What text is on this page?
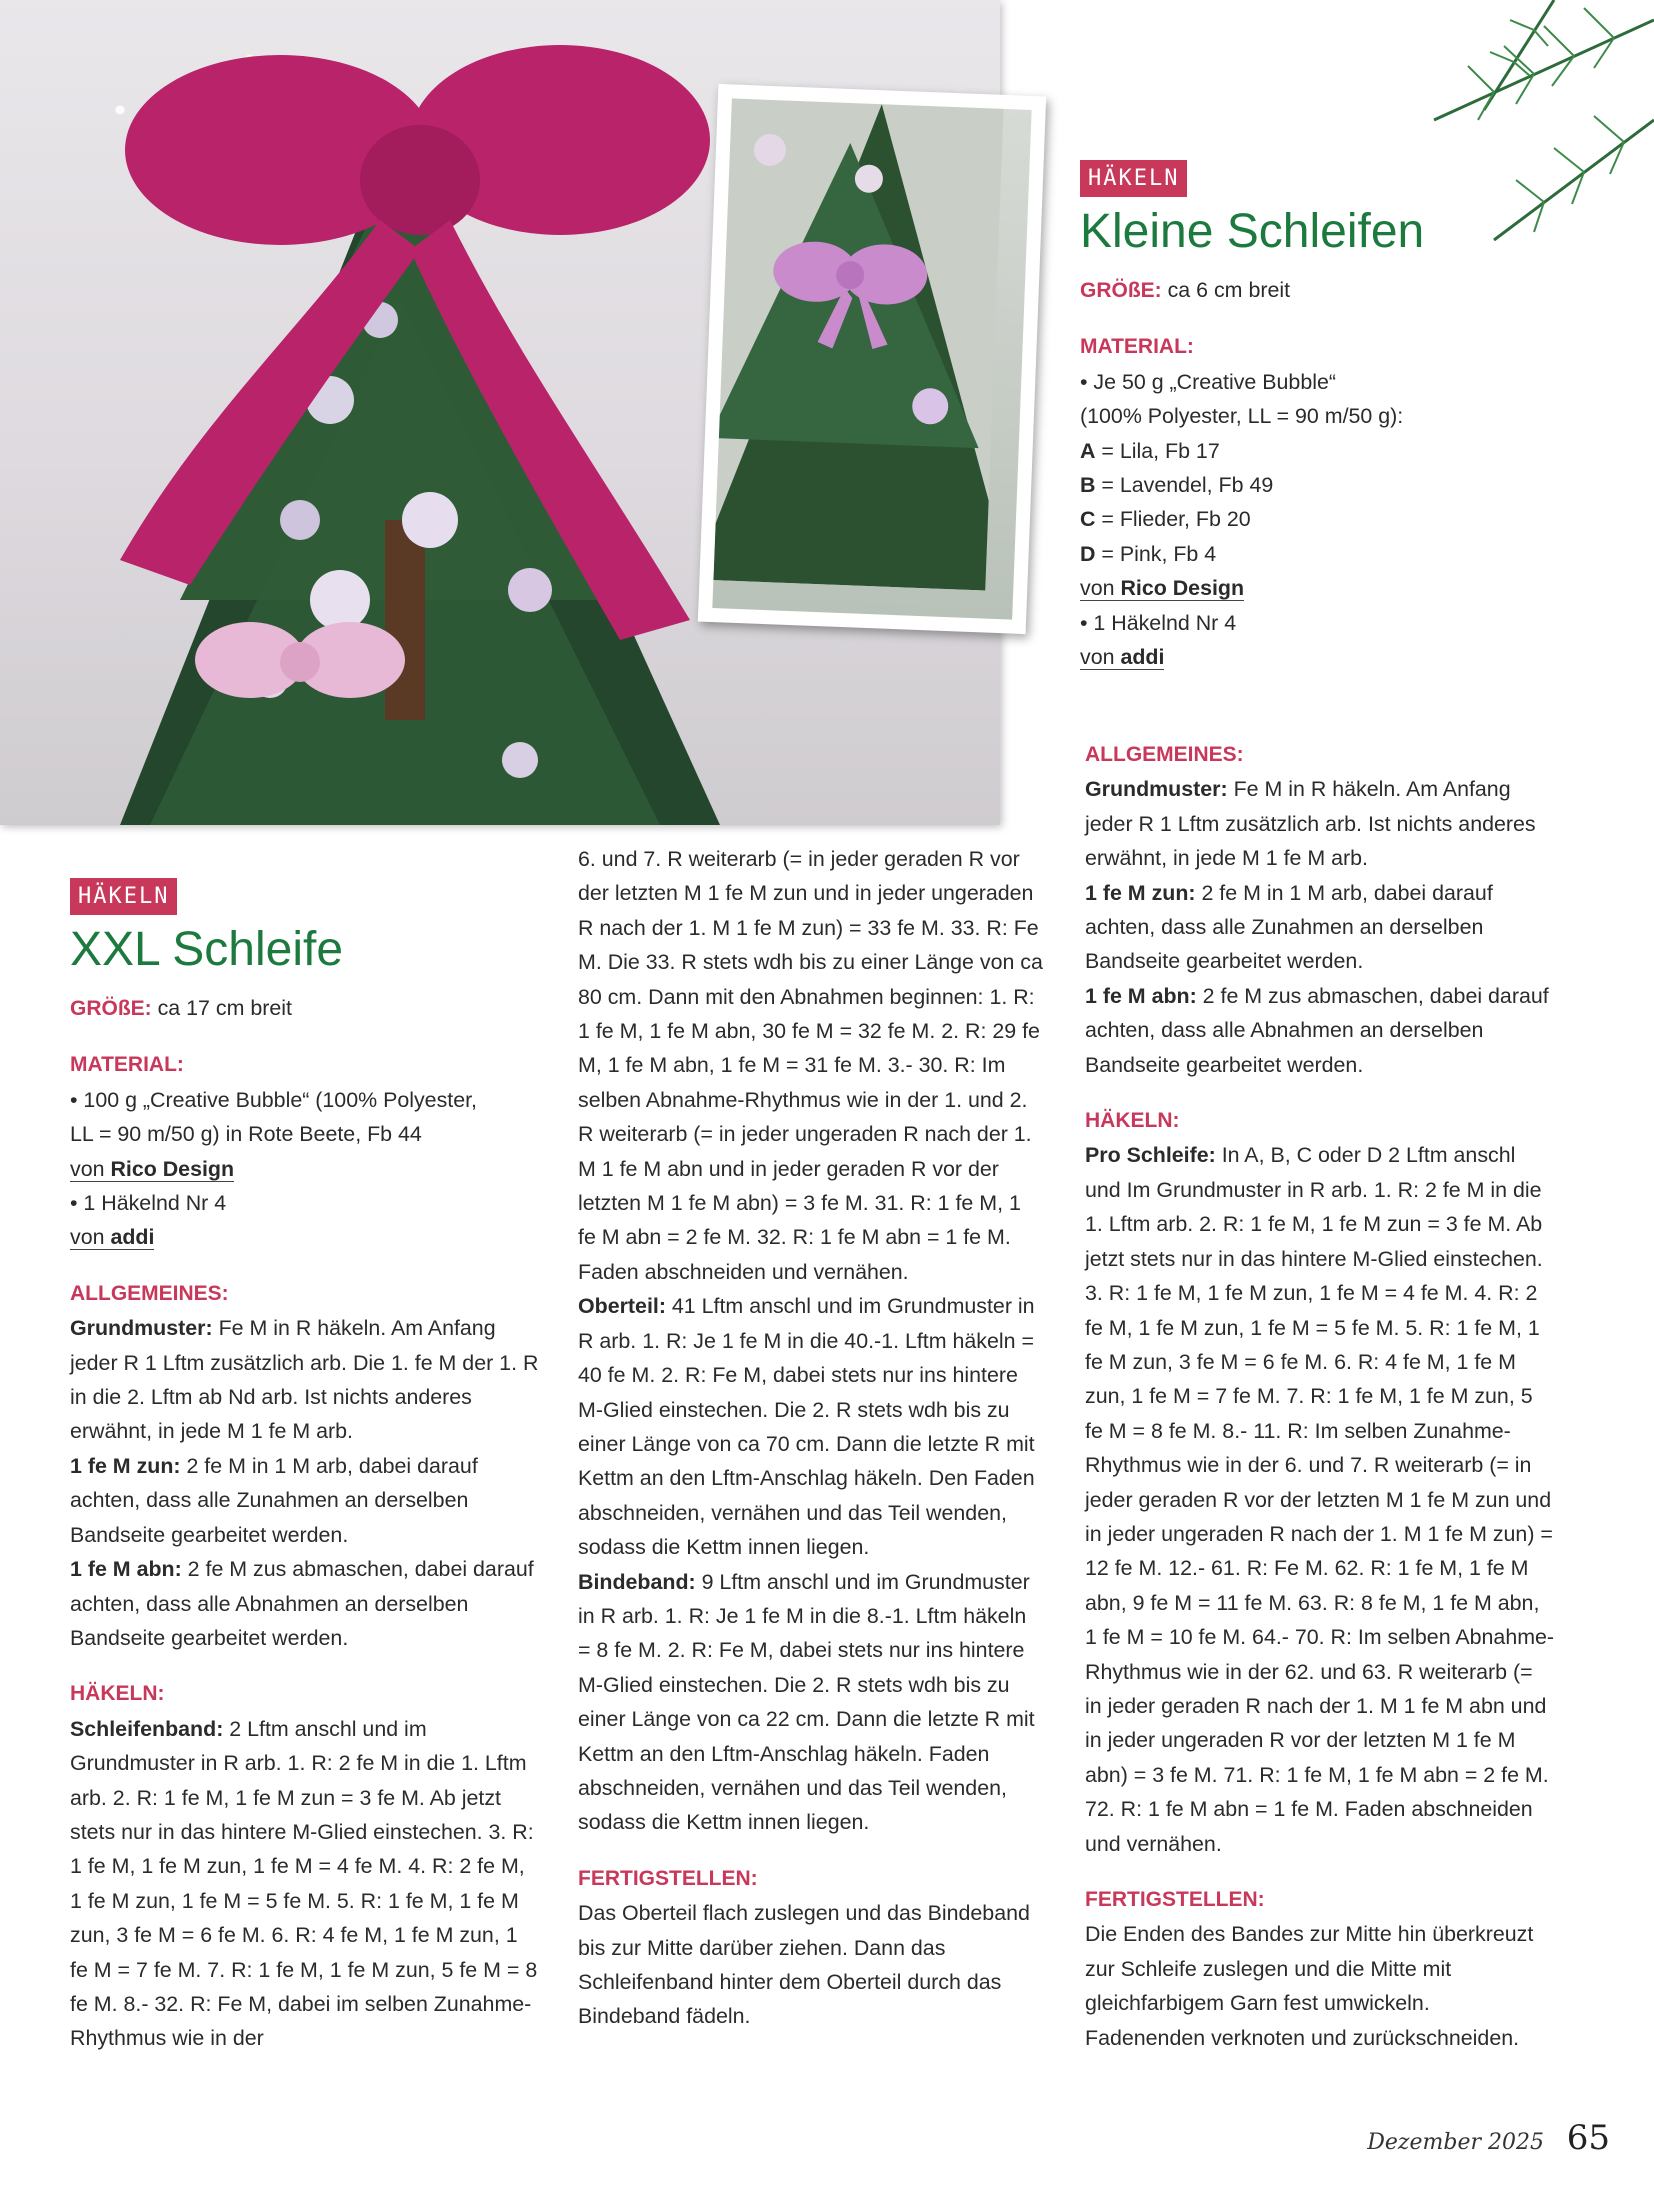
HÄKELN
Kleine Schleifen

GRÖßE: ca 6 cm breit

MATERIAL:

• Je 50 g „Creative Bubble“

(100% Polyester, LL = 90 m/50 g):

A = Lila, Fb 17

B = Lavendel, Fb 49

C = Flieder, Fb 20

D = Pink, Fb 4

von Rico Design

• 1 Häkelnd Nr 4

von addi

HÄKELN
XXL Schleife

GRÖßE: ca 17 cm breit

MATERIAL:

• 100 g „Creative Bubble“ (100% Polyester,

LL = 90 m/50 g) in Rote Beete, Fb 44

von Rico Design

• 1 Häkelnd Nr 4

von addi

ALLGEMEINES:

Grundmuster: Fe M in R häkeln. Am Anfang jeder R 1 Lftm zusätzlich arb. Die 1. fe M der 1. R in die 2. Lftm ab Nd arb. Ist nichts anderes erwähnt, in jede M 1 fe M arb.

1 fe M zun: 2 fe M in 1 M arb, dabei darauf achten, dass alle Zunahmen an derselben Bandseite gearbeitet werden.

1 fe M abn: 2 fe M zus abmaschen, dabei darauf achten, dass alle Abnahmen an derselben Bandseite gearbeitet werden.

HÄKELN:

Schleifenband: 2 Lftm anschl und im Grundmuster in R arb. 1. R: 2 fe M in die 1. Lftm arb. 2. R: 1 fe M, 1 fe M zun = 3 fe M. Ab jetzt stets nur in das hintere M-Glied einstechen. 3. R: 1 fe M, 1 fe M zun, 1 fe M = 4 fe M. 4. R: 2 fe M, 1 fe M zun, 1 fe M = 5 fe M. 5. R: 1 fe M, 1 fe M zun, 3 fe M = 6 fe M. 6. R: 4 fe M, 1 fe M zun, 1 fe M = 7 fe M. 7. R: 1 fe M, 1 fe M zun, 5 fe M = 8 fe M. 8.- 32. R: Fe M, dabei im selben Zunahme-Rhythmus wie in der

6. und 7. R weiterarb (= in jeder geraden R vor der letzten M 1 fe M zun und in jeder ungeraden R nach der 1. M 1 fe M zun) = 33 fe M. 33. R: Fe M. Die 33. R stets wdh bis zu einer Länge von ca 80 cm. Dann mit den Abnahmen beginnen: 1. R: 1 fe M, 1 fe M abn, 30 fe M = 32 fe M. 2. R: 29 fe M, 1 fe M abn, 1 fe M = 31 fe M. 3.- 30. R: Im selben Abnahme-Rhythmus wie in der 1. und 2. R weiterarb (= in jeder ungeraden R nach der 1. M 1 fe M abn und in jeder geraden R vor der letzten M 1 fe M abn) = 3 fe M. 31. R: 1 fe M, 1 fe M abn = 2 fe M. 32. R: 1 fe M abn = 1 fe M. Faden abschneiden und vernähen.

Oberteil: 41 Lftm anschl und im Grundmuster in R arb. 1. R: Je 1 fe M in die 40.-1. Lftm häkeln = 40 fe M. 2. R: Fe M, dabei stets nur ins hintere M-Glied einstechen. Die 2. R stets wdh bis zu einer Länge von ca 70 cm. Dann die letzte R mit Kettm an den Lftm-Anschlag häkeln. Den Faden abschneiden, vernähen und das Teil wenden, sodass die Kettm innen liegen.

Bindeband: 9 Lftm anschl und im Grundmuster in R arb. 1. R: Je 1 fe M in die 8.-1. Lftm häkeln = 8 fe M. 2. R: Fe M, dabei stets nur ins hintere M-Glied einstechen. Die 2. R stets wdh bis zu einer Länge von ca 22 cm. Dann die letzte R mit Kettm an den Lftm-Anschlag häkeln. Faden abschneiden, vernähen und das Teil wenden, sodass die Kettm innen liegen.

FERTIGSTELLEN:

Das Oberteil flach zuslegen und das Bindeband bis zur Mitte darüber ziehen. Dann das Schleifenband hinter dem Oberteil durch das Bindeband fädeln.

ALLGEMEINES:

Grundmuster: Fe M in R häkeln. Am Anfang jeder R 1 Lftm zusätzlich arb. Ist nichts anderes erwähnt, in jede M 1 fe M arb.

1 fe M zun: 2 fe M in 1 M arb, dabei darauf achten, dass alle Zunahmen an derselben Bandseite gearbeitet werden.

1 fe M abn: 2 fe M zus abmaschen, dabei darauf achten, dass alle Abnahmen an derselben Bandseite gearbeitet werden.

HÄKELN:

Pro Schleife: In A, B, C oder D 2 Lftm anschl und Im Grundmuster in R arb. 1. R: 2 fe M in die 1. Lftm arb. 2. R: 1 fe M, 1 fe M zun = 3 fe M. Ab jetzt stets nur in das hintere M-Glied einstechen. 3. R: 1 fe M, 1 fe M zun, 1 fe M = 4 fe M. 4. R: 2 fe M, 1 fe M zun, 1 fe M = 5 fe M. 5. R: 1 fe M, 1 fe M zun, 3 fe M = 6 fe M. 6. R: 4 fe M, 1 fe M zun, 1 fe M = 7 fe M. 7. R: 1 fe M, 1 fe M zun, 5 fe M = 8 fe M. 8.- 11. R: Im selben Zunahme-Rhythmus wie in der 6. und 7. R weiterarb (= in jeder geraden R vor der letzten M 1 fe M zun und in jeder ungeraden R nach der 1. M 1 fe M zun) = 12 fe M. 12.- 61. R: Fe M. 62. R: 1 fe M, 1 fe M abn, 9 fe M = 11 fe M. 63. R: 8 fe M, 1 fe M abn, 1 fe M = 10 fe M. 64.- 70. R: Im selben Abnahme-Rhythmus wie in der 62. und 63. R weiterarb (= in jeder geraden R nach der 1. M 1 fe M abn und in jeder ungeraden R vor der letzten M 1 fe M abn) = 3 fe M. 71. R: 1 fe M, 1 fe M abn = 2 fe M. 72. R: 1 fe M abn = 1 fe M. Faden abschneiden und vernähen.

FERTIGSTELLEN:

Die Enden des Bandes zur Mitte hin überkreuzt zur Schleife zuslegen und die Mitte mit gleichfarbigem Garn fest umwickeln. Fadenenden verknoten und zurückschneiden.

Dezember 2025 65
